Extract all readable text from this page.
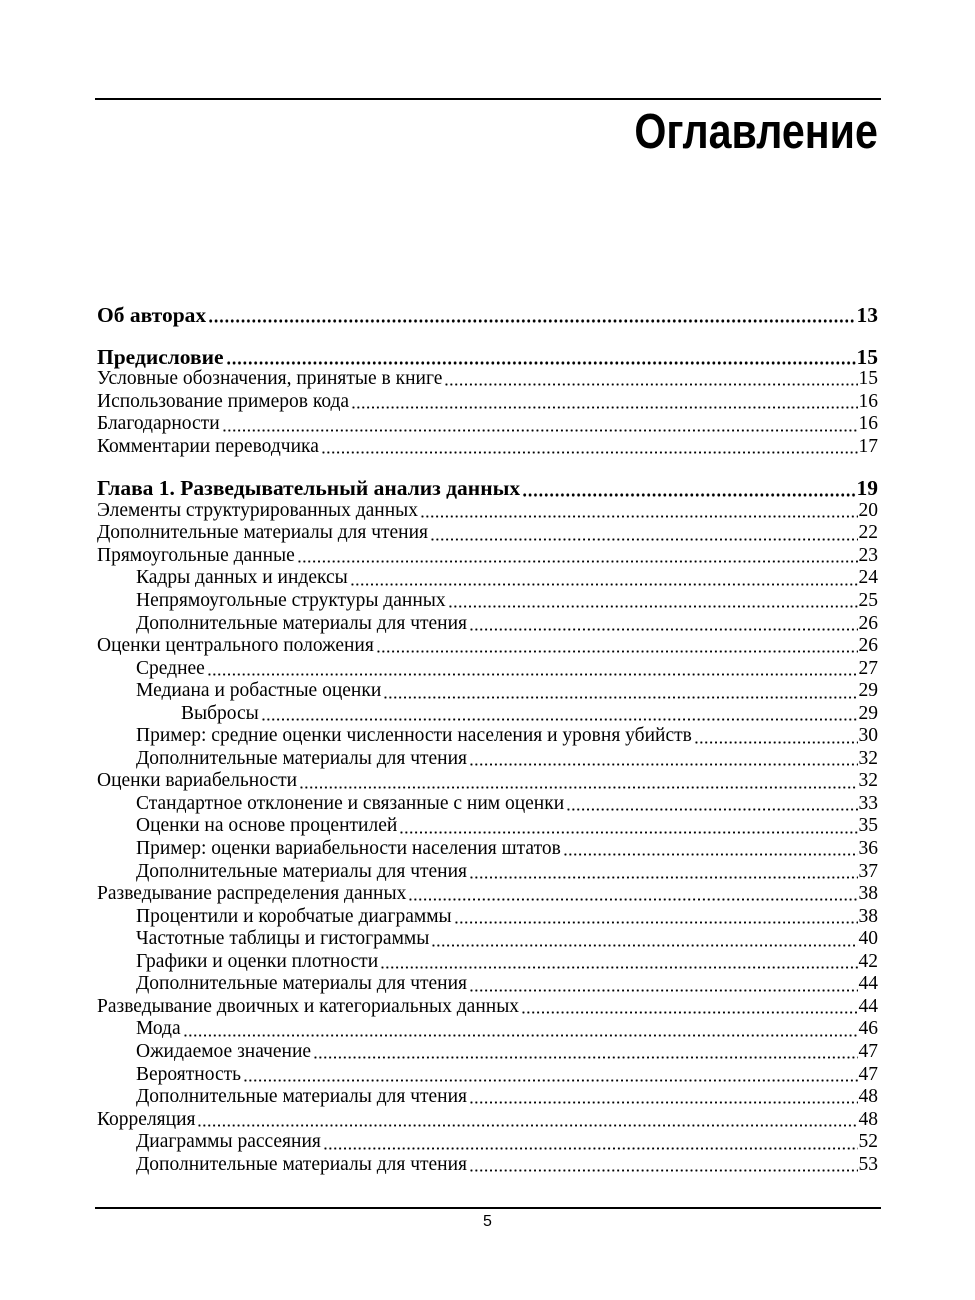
Оглавление
Об авторах	13
Предисловие	15
Условные обозначения, принятые в книге	15
Использование примеров кода	16
Благодарности	16
Комментарии переводчика	17
Глава 1. Разведывательный анализ данных	19
Элементы структурированных данных	20
Дополнительные материалы для чтения	22
Прямоугольные данные	23
Кадры данных и индексы	24
Непрямоугольные структуры данных	25
Дополнительные материалы для чтения	26
Оценки центрального положения	26
Среднее	27
Медиана и робастные оценки	29
Выбросы	29
Пример: средние оценки численности населения и уровня убийств	30
Дополнительные материалы для чтения	32
Оценки вариабельности	32
Стандартное отклонение и связанные с ним оценки	33
Оценки на основе процентилей	35
Пример: оценки вариабельности населения штатов	36
Дополнительные материалы для чтения	37
Разведывание распределения данных	38
Процентили и коробчатые диаграммы	38
Частотные таблицы и гистограммы	40
Графики и оценки плотности	42
Дополнительные материалы для чтения	44
Разведывание двоичных и категориальных данных	44
Мода	46
Ожидаемое значение	47
Вероятность	47
Дополнительные материалы для чтения	48
Корреляция	48
Диаграммы рассеяния	52
Дополнительные материалы для чтения	53
5
